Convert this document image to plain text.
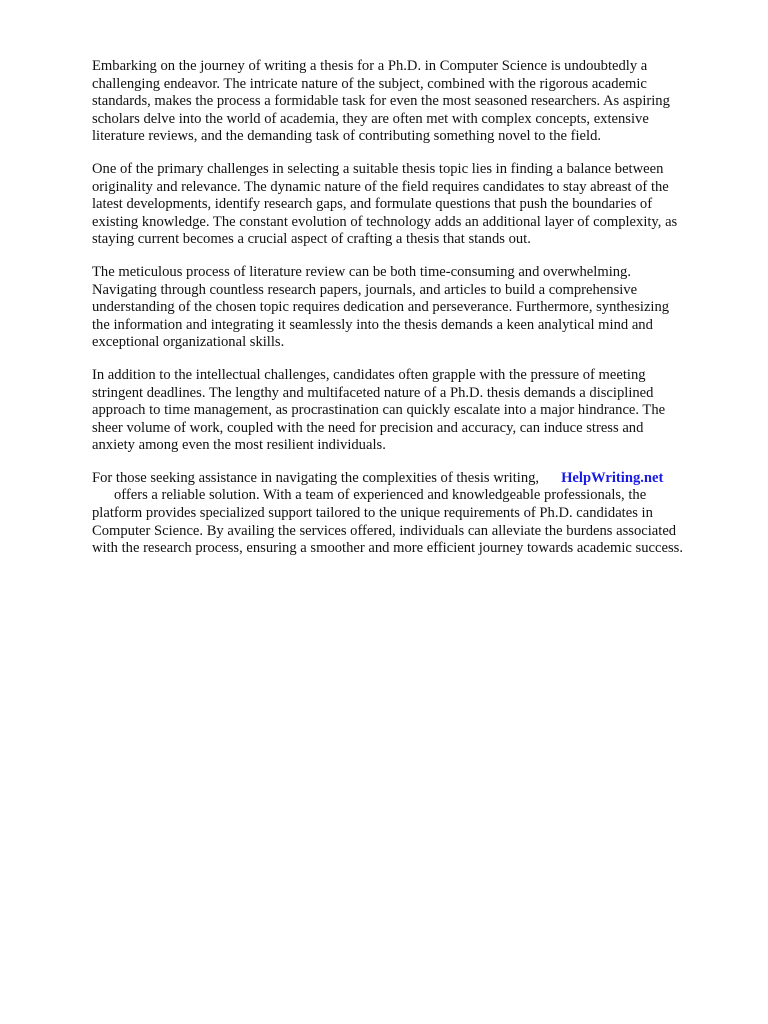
Embarking on the journey of writing a thesis for a Ph.D. in Computer Science is undoubtedly a
challenging endeavor. The intricate nature of the subject, combined with the rigorous academic
standards, makes the process a formidable task for even the most seasoned researchers. As aspiring
scholars delve into the world of academia, they are often met with complex concepts, extensive
literature reviews, and the demanding task of contributing something novel to the field.

One of the primary challenges in selecting a suitable thesis topic lies in finding a balance between
originality and relevance. The dynamic nature of the field requires candidates to stay abreast of the
latest developments, identify research gaps, and formulate questions that push the boundaries of
existing knowledge. The constant evolution of technology adds an additional layer of complexity, as
staying current becomes a crucial aspect of crafting a thesis that stands out.

The meticulous process of literature review can be both time-consuming and overwhelming.
Navigating through countless research papers, journals, and articles to build a comprehensive
understanding of the chosen topic requires dedication and perseverance. Furthermore, synthesizing
the information and integrating it seamlessly into the thesis demands a keen analytical mind and
exceptional organizational skills.

In addition to the intellectual challenges, candidates often grapple with the pressure of meeting
stringent deadlines. The lengthy and multifaceted nature of a Ph.D. thesis demands a disciplined
approach to time management, as procrastination can quickly escalate into a major hindrance. The
sheer volume of work, coupled with the need for precision and accuracy, can induce stress and
anxiety among even the most resilient individuals.

For those seeking assistance in navigating the complexities of thesis writing, HelpWriting.net
offers a reliable solution. With a team of experienced and knowledgeable professionals, the
platform provides specialized support tailored to the unique requirements of Ph.D. candidates in
Computer Science. By availing the services offered, individuals can alleviate the burdens associated
with the research process, ensuring a smoother and more efficient journey towards academic success.
